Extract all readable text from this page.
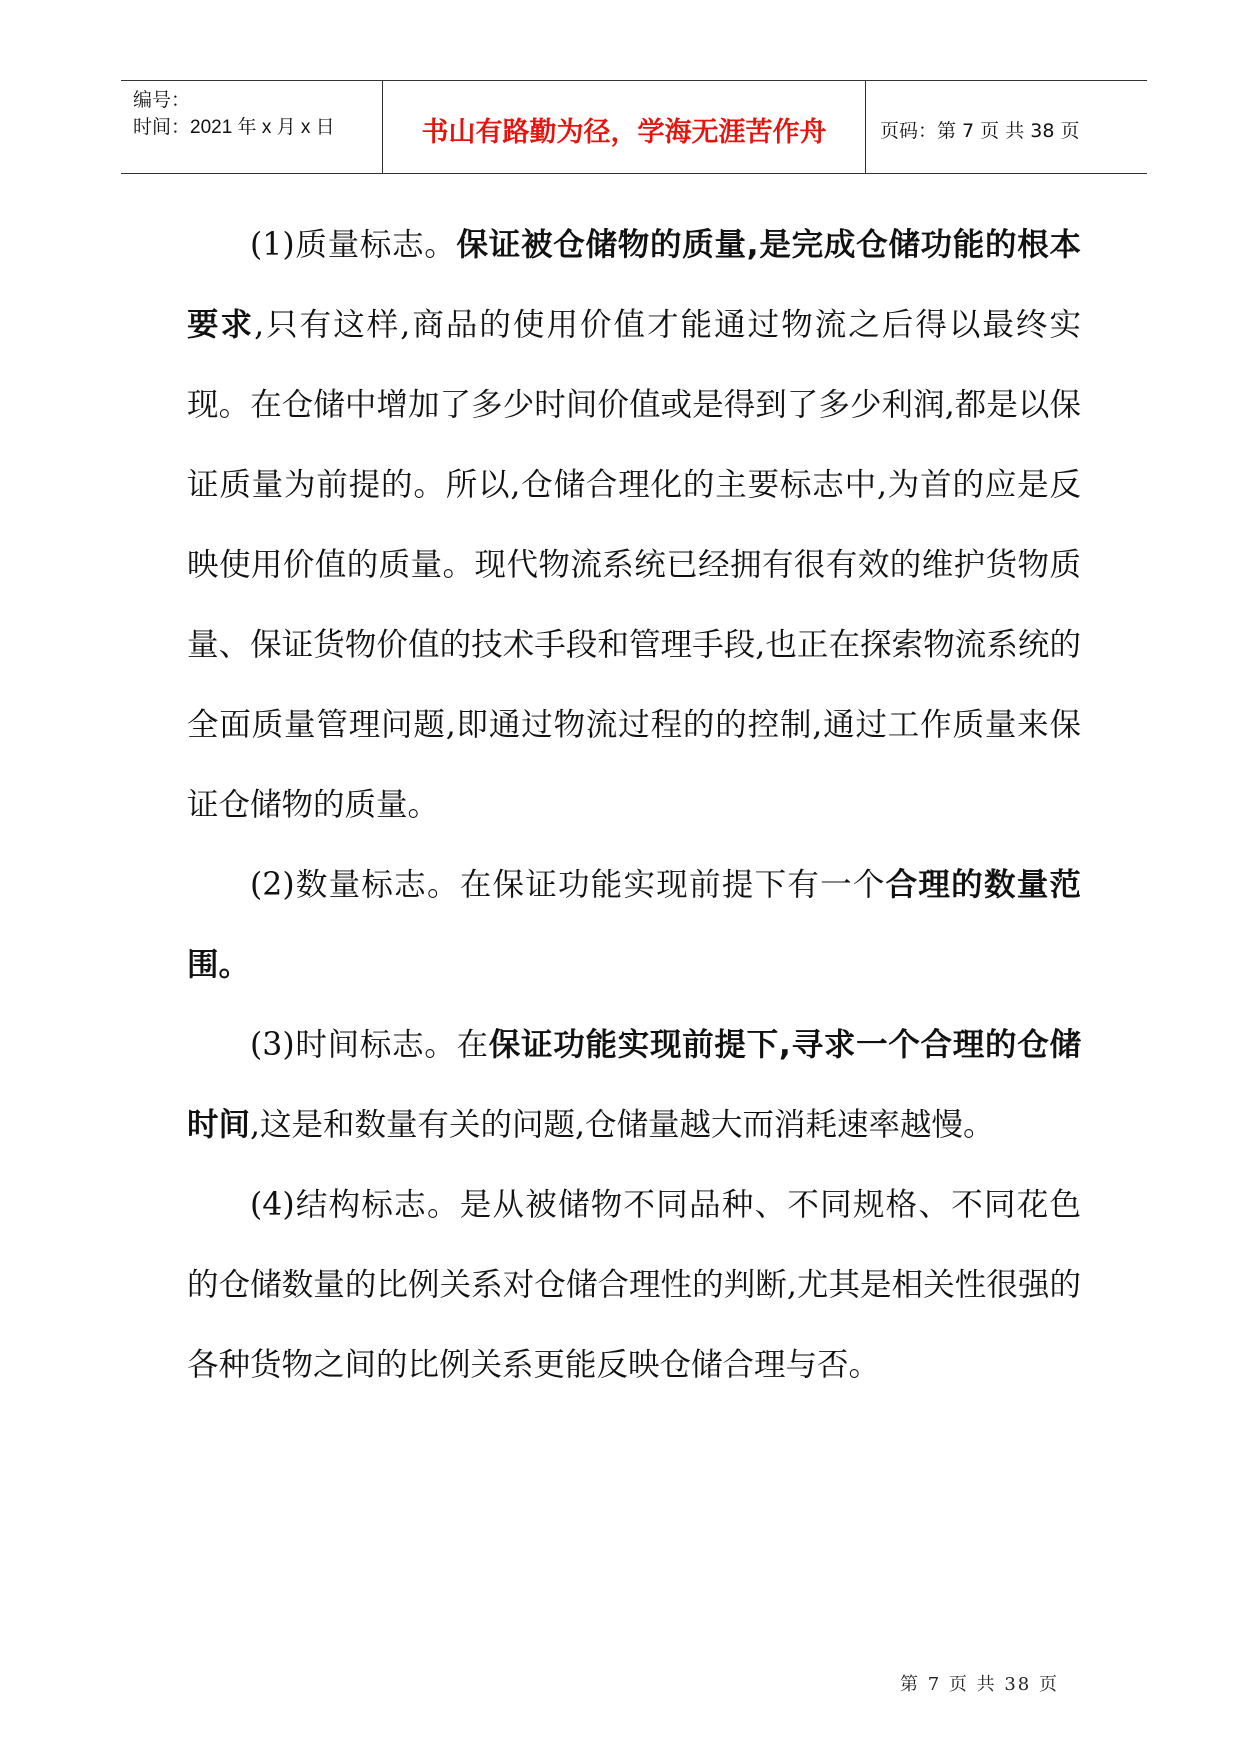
编号：
时间：2021 年 x 月 x 日	书山有路勤为径，学海无涯苦作舟	页码：第 7 页 共 38 页

(1)质量标志。保证被仓储物的质量,是完成仓储功能的根本要求,只有这样,商品的使用价值才能通过物流之后得以最终实现。在仓储中增加了多少时间价值或是得到了多少利润,都是以保证质量为前提的。所以,仓储合理化的主要标志中,为首的应是反映使用价值的质量。现代物流系统已经拥有很有效的维护货物质量、保证货物价值的技术手段和管理手段,也正在探索物流系统的全面质量管理问题,即通过物流过程的的控制,通过工作质量来保证仓储物的质量。

(2)数量标志。在保证功能实现前提下有一个合理的数量范围。

(3)时间标志。在保证功能实现前提下,寻求一个合理的仓储时间,这是和数量有关的问题,仓储量越大而消耗速率越慢。

(4)结构标志。是从被储物不同品种、不同规格、不同花色的仓储数量的比例关系对仓储合理性的判断,尤其是相关性很强的各种货物之间的比例关系更能反映仓储合理与否。

第 7 页 共 38 页
